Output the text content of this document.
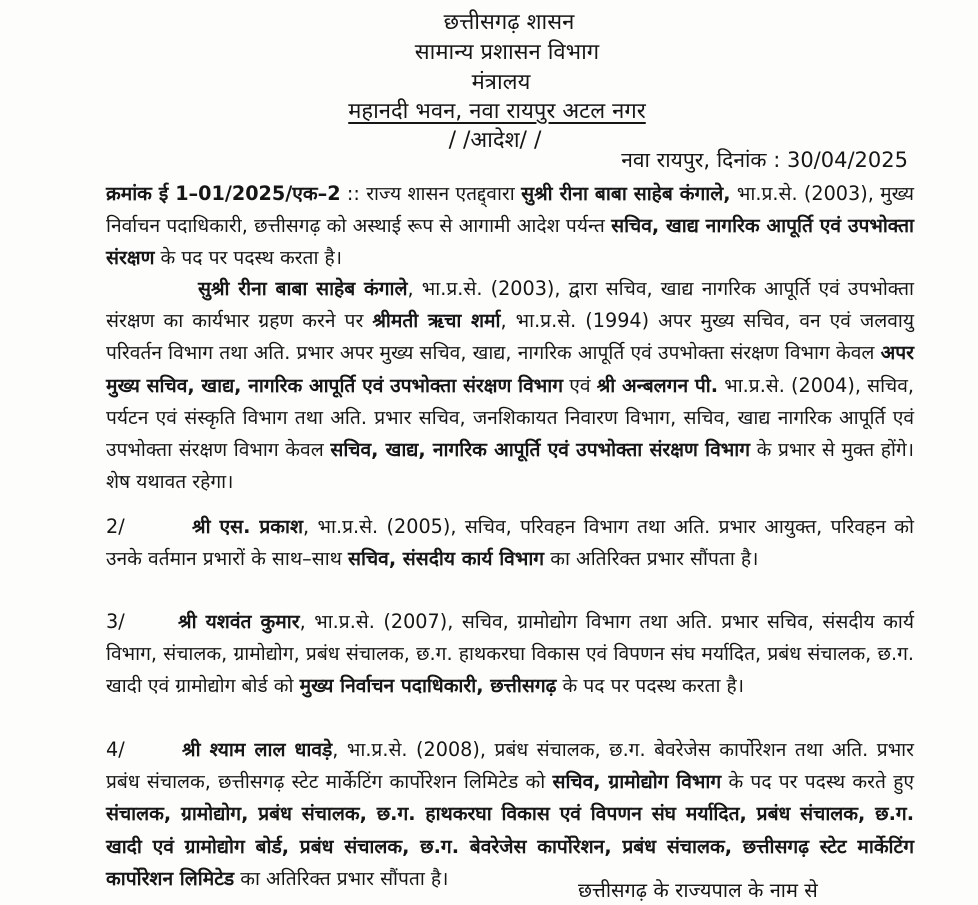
छत्तीसगढ़ शासन
सामान्य प्रशासन विभाग
मंत्रालय
महानदी भवन, नवा रायपुर अटल नगर
/ /आदेश/ /
नवा रायपुर, दिनांक : 30/04/2025
क्रमांक ई 1–01/2025/एक–2 :: राज्य शासन एतद्द्वारा सुश्री रीना बाबा साहेब कंगाले, भा.प्र.से. (2003), मुख्य निर्वाचन पदाधिकारी, छत्तीसगढ़ को अस्थाई रूप से आगामी आदेश पर्यन्त सचिव, खाद्य नागरिक आपूर्ति एवं उपभोक्ता संरक्षण के पद पर पदस्थ करता है।
सुश्री रीना बाबा साहेब कंगाले, भा.प्र.से. (2003), द्वारा सचिव, खाद्य नागरिक आपूर्ति एवं उपभोक्ता संरक्षण का कार्यभार ग्रहण करने पर श्रीमती ऋचा शर्मा, भा.प्र.से. (1994) अपर मुख्य सचिव, वन एवं जलवायु परिवर्तन विभाग तथा अति. प्रभार अपर मुख्य सचिव, खाद्य, नागरिक आपूर्ति एवं उपभोक्ता संरक्षण विभाग केवल अपर मुख्य सचिव, खाद्य, नागरिक आपूर्ति एवं उपभोक्ता संरक्षण विभाग एवं श्री अन्बलगन पी. भा.प्र.से. (2004), सचिव, पर्यटन एवं संस्कृति विभाग तथा अति. प्रभार सचिव, जनशिकायत निवारण विभाग, सचिव, खाद्य नागरिक आपूर्ति एवं उपभोक्ता संरक्षण विभाग केवल सचिव, खाद्य, नागरिक आपूर्ति एवं उपभोक्ता संरक्षण विभाग के प्रभार से मुक्त होंगे। शेष यथावत रहेगा।
2/	श्री एस. प्रकाश, भा.प्र.से. (2005), सचिव, परिवहन विभाग तथा अति. प्रभार आयुक्त, परिवहन को उनके वर्तमान प्रभारों के साथ–साथ सचिव, संसदीय कार्य विभाग का अतिरिक्त प्रभार सौंपता है।
3/	श्री यशवंत कुमार, भा.प्र.से. (2007), सचिव, ग्रामोद्योग विभाग तथा अति. प्रभार सचिव, संसदीय कार्य विभाग, संचालक, ग्रामोद्योग, प्रबंध संचालक, छ.ग. हाथकरघा विकास एवं विपणन संघ मर्यादित, प्रबंध संचालक, छ.ग. खादी एवं ग्रामोद्योग बोर्ड को मुख्य निर्वाचन पदाधिकारी, छत्तीसगढ़ के पद पर पदस्थ करता है।
4/	श्री श्याम लाल धावड़े, भा.प्र.से. (2008), प्रबंध संचालक, छ.ग. बेवरेजेस कार्पोरेशन तथा अति. प्रभार प्रबंध संचालक, छत्तीसगढ़ स्टेट मार्केटिंग कार्पोरेशन लिमिटेड को सचिव, ग्रामोद्योग विभाग के पद पर पदस्थ करते हुए संचालक, ग्रामोद्योग, प्रबंध संचालक, छ.ग. हाथकरघा विकास एवं विपणन संघ मर्यादित, प्रबंध संचालक, छ.ग. खादी एवं ग्रामोद्योग बोर्ड, प्रबंध संचालक, छ.ग. बेवरेजेस कार्पोरेशन, प्रबंध संचालक, छत्तीसगढ़ स्टेट मार्केटिंग कार्पोरेशन लिमिटेड का अतिरिक्त प्रभार सौंपता है।	छत्तीसगढ़ के राज्यपाल के नाम से
